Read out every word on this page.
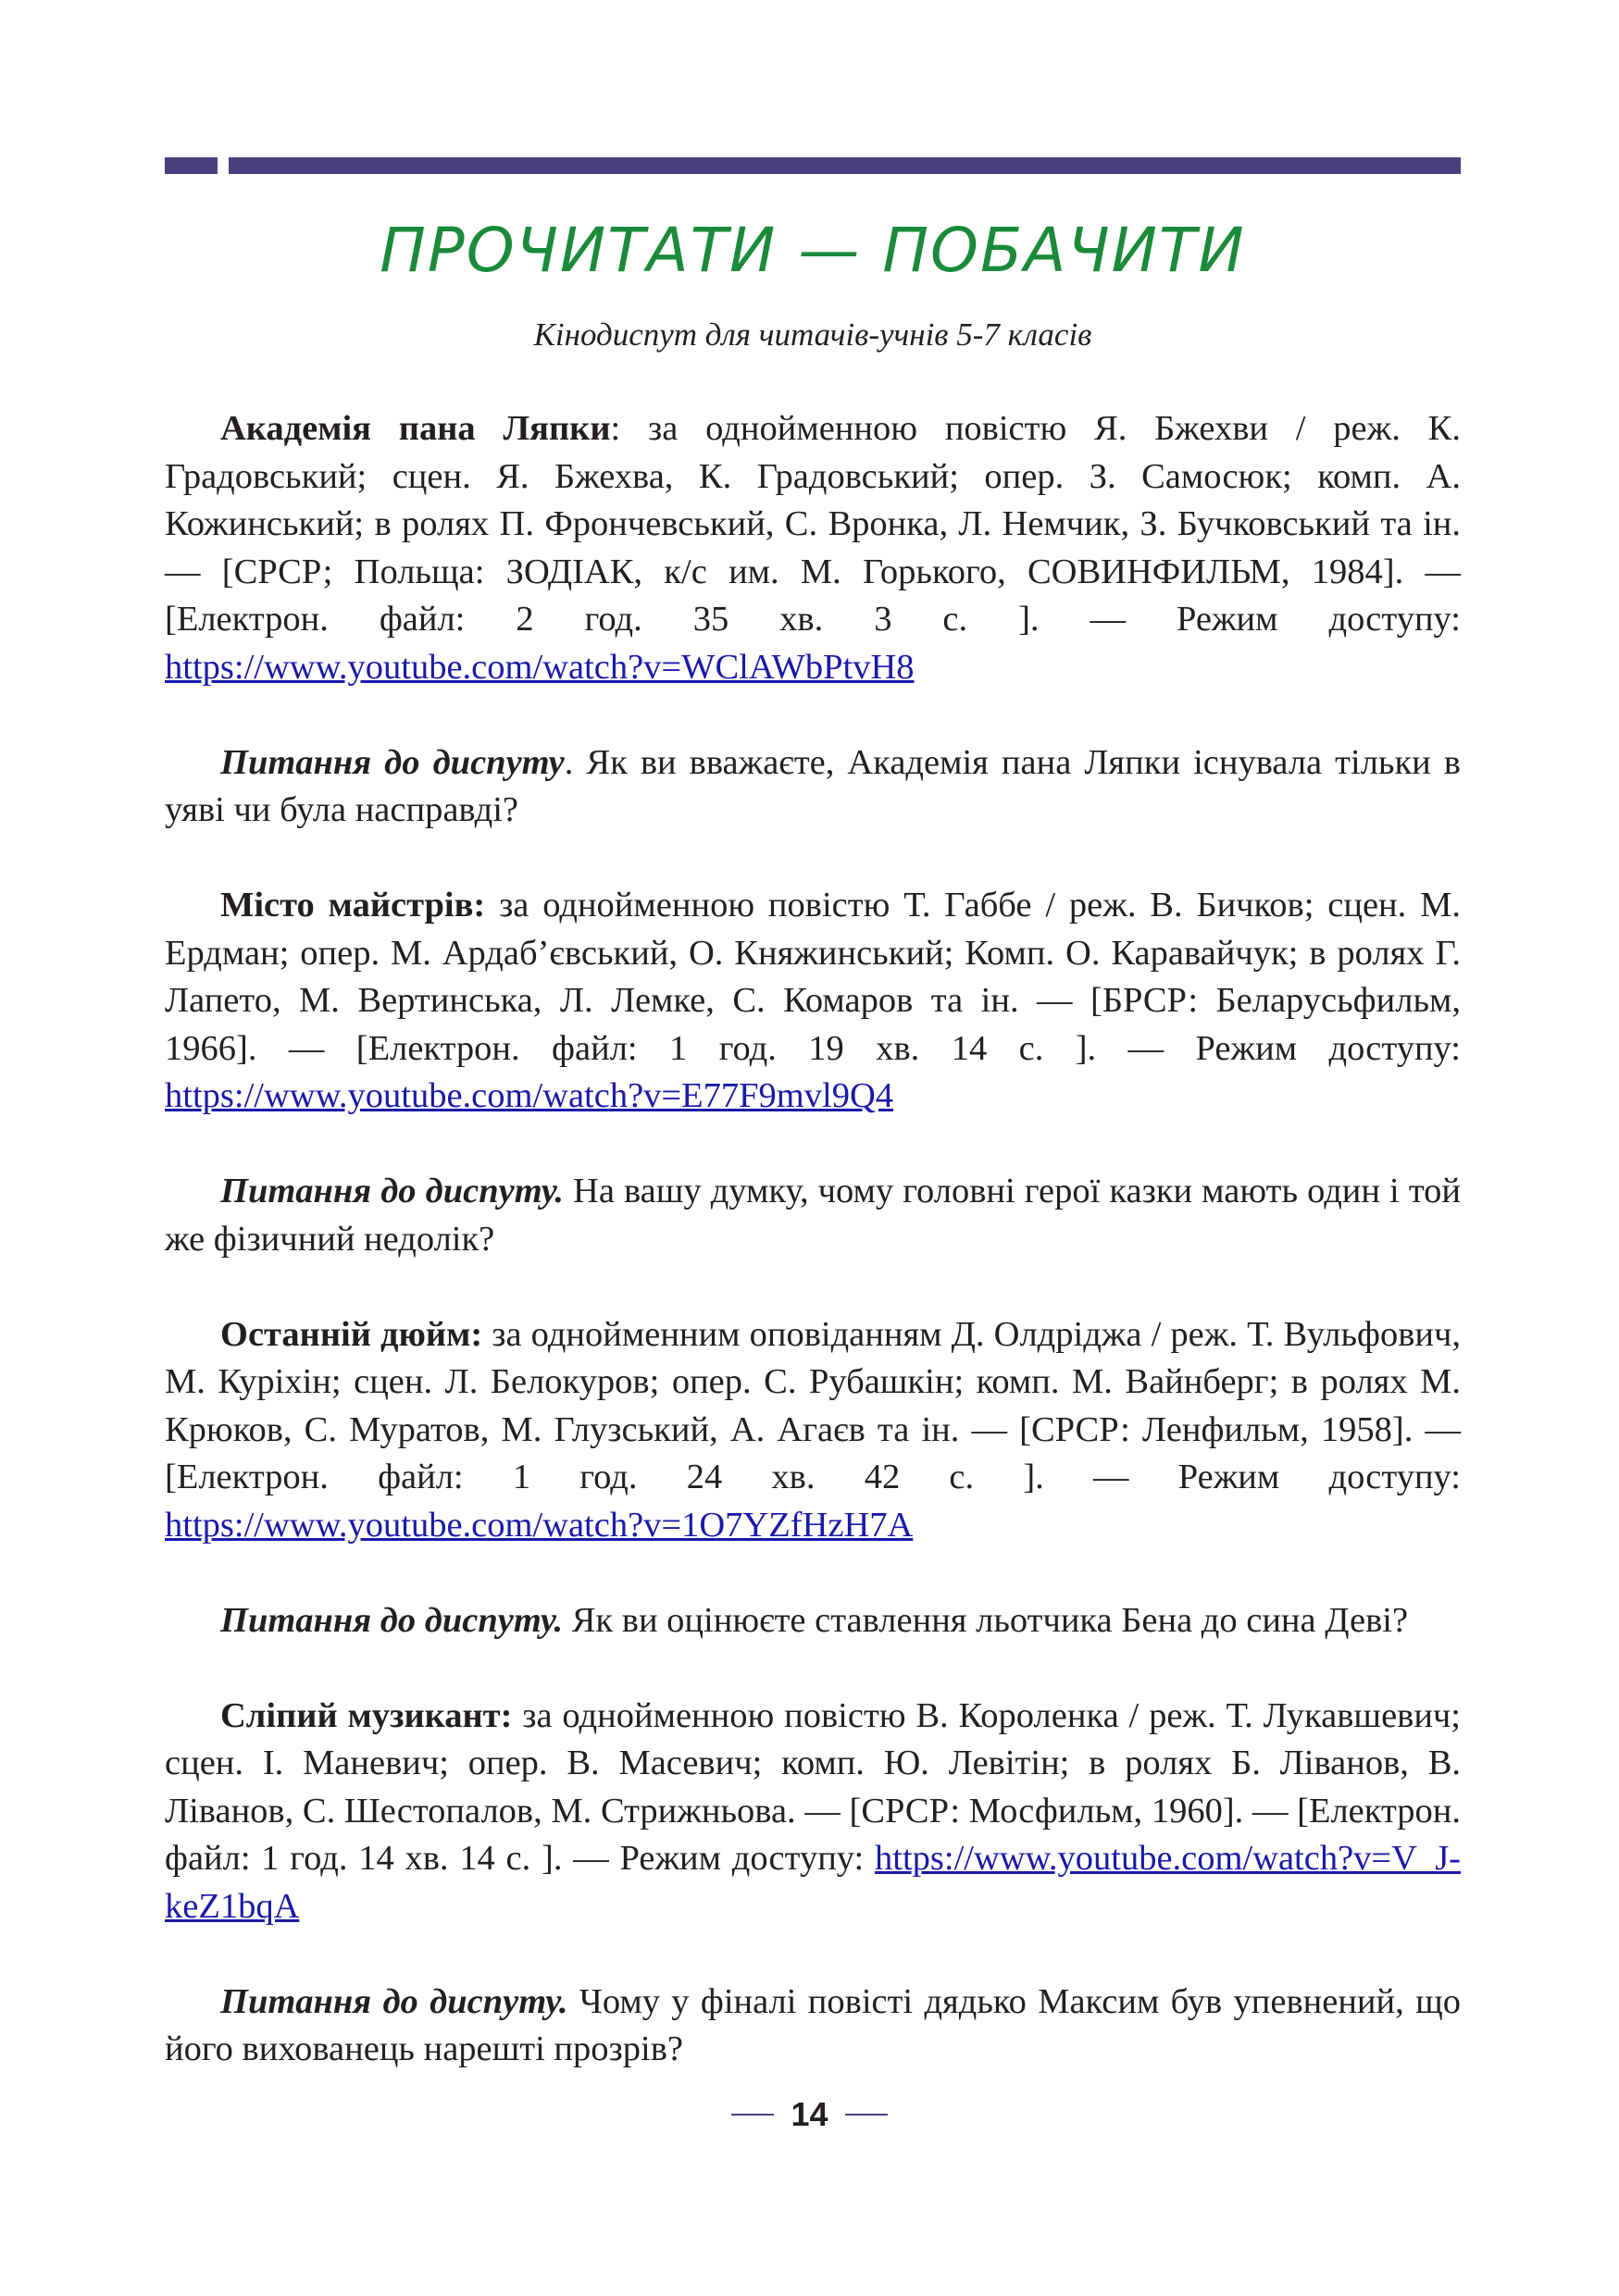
ПРОЧИТАТИ — ПОБАЧИТИ

Кінодиспут для читачів-учнів 5-7 класів

Академія пана Ляпки: за однойменною повістю Я. Бжехви / реж. К. Градовський; сцен. Я. Бжехва, К. Градовський; опер. З. Самосюк; комп. А. Кожинський; в ролях П. Фрончевський, С. Вронка, Л. Немчик, З. Бучковський та ін. — [СРСР; Польща: ЗОДІАК, к/с им. М. Горького, СОВИНФИЛЬМ, 1984]. — [Електрон. файл: 2 год. 35 хв. 3 с. ]. — Режим доступу: https://www.youtube.com/watch?v=WClAWbPtvH8

Питання до диспуту. Як ви вважаєте, Академія пана Ляпки існувала тільки в уяві чи була насправді?

Місто майстрів: за однойменною повістю Т. Габбе / реж. В. Бичков; сцен. М. Ердман; опер. М. Ардаб’євський, О. Княжинський; Комп. О. Каравайчук; в ролях Г. Лапето, М. Вертинська, Л. Лемке, С. Комаров та ін. — [БРСР: Беларусьфильм, 1966]. — [Електрон. файл: 1 год. 19 хв. 14 с. ]. — Режим доступу: https://www.youtube.com/watch?v=E77F9mvl9Q4

Питання до диспуту. На вашу думку, чому головні герої казки мають один і той же фізичний недолік?

Останній дюйм: за однойменним оповіданням Д. Олдріджа / реж. Т. Вульфович, М. Куріхін; сцен. Л. Белокуров; опер. С. Рубашкін; комп. М. Вайнберг; в ролях М. Крюков, С. Муратов, М. Глузський, А. Агаєв та ін. — [СРСР: Ленфильм, 1958]. — [Електрон. файл: 1 год. 24 хв. 42 с. ]. — Режим доступу: https://www.youtube.com/watch?v=1O7YZfHzH7A

Питання до диспуту. Як ви оцінюєте ставлення льотчика Бена до сина Деві?

Сліпий музикант: за однойменною повістю В. Короленка / реж. Т. Лукавшевич; сцен. І. Маневич; опер. В. Масевич; комп. Ю. Левітін; в ролях Б. Ліванов, В. Ліванов, С. Шестопалов, М. Стрижньова. — [СРСР: Мосфильм, 1960]. — [Електрон. файл: 1 год. 14 хв. 14 с. ]. — Режим доступу: https://www.youtube.com/watch?v=V_J-keZ1bqA

Питання до диспуту. Чому у фіналі повісті дядько Максим був упевнений, що його вихованець нарешті прозрів?

14
